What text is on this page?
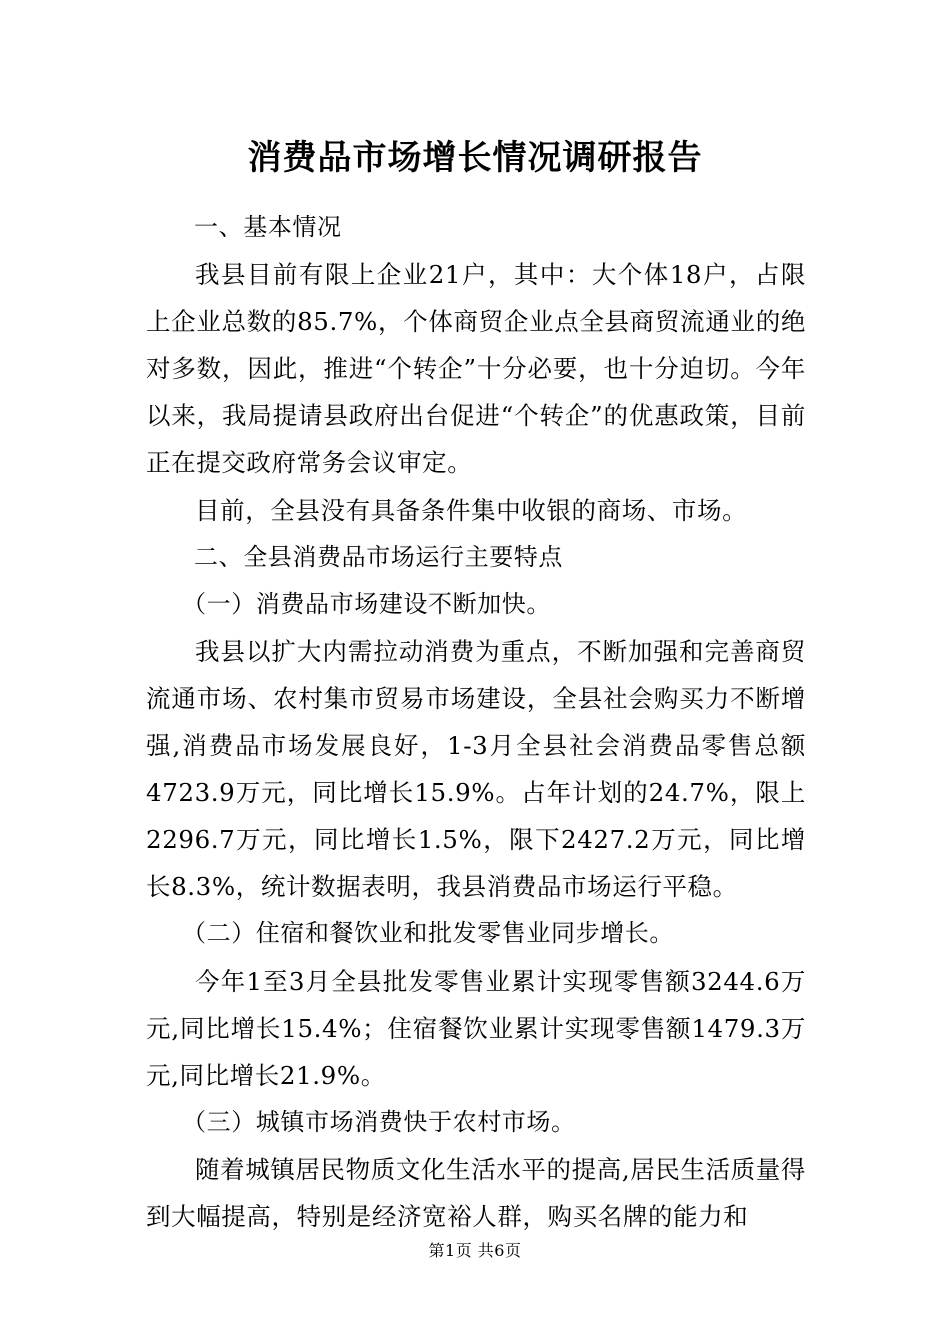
消费品市场增长情况调研报告

一、基本情况

我县目前有限上企业21户，其中：大个体18户，占限上企业总数的85.7%，个体商贸企业点全县商贸流通业的绝对多数，因此，推进“个转企”十分必要，也十分迫切。今年以来，我局提请县政府出台促进“个转企”的优惠政策，目前正在提交政府常务会议审定。

目前，全县没有具备条件集中收银的商场、市场。

二、全县消费品市场运行主要特点

（一）消费品市场建设不断加快。

我县以扩大内需拉动消费为重点，不断加强和完善商贸流通市场、农村集市贸易市场建设，全县社会购买力不断增强,消费品市场发展良好，1-3月全县社会消费品零售总额4723.9万元，同比增长15.9%。占年计划的24.7%，限上2296.7万元，同比增长1.5%，限下2427.2万元，同比增长8.3%，统计数据表明，我县消费品市场运行平稳。

（二）住宿和餐饮业和批发零售业同步增长。

今年1至3月全县批发零售业累计实现零售额3244.6万元,同比增长15.4%；住宿餐饮业累计实现零售额1479.3万元,同比增长21.9%。

（三）城镇市场消费快于农村市场。

随着城镇居民物质文化生活水平的提高,居民生活质量得到大幅提高，特别是经济宽裕人群，购买名牌的能力和

第1页 共6页
